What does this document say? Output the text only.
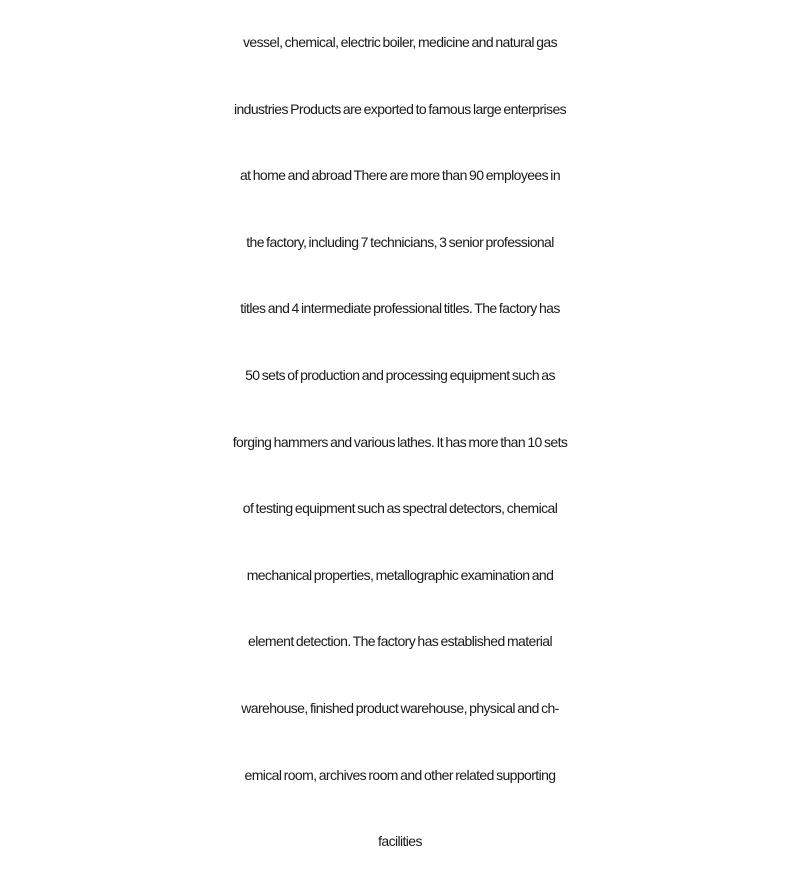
vessel, chemical, electric boiler, medicine and natural gas
industries Products are exported to famous large enterprises
at home and abroad There are more than 90 employees in
the factory, including 7 technicians, 3 senior professional
titles and 4 intermediate professional titles. The factory has
50 sets of production and processing equipment such as
forging hammers and various lathes. It has more than 10 sets
of testing equipment such as spectral detectors, chemical
mechanical properties, metallographic examination and
element detection. The factory has established material
warehouse, finished product warehouse, physical and ch-
emical room, archives room and other related supporting
facilities
